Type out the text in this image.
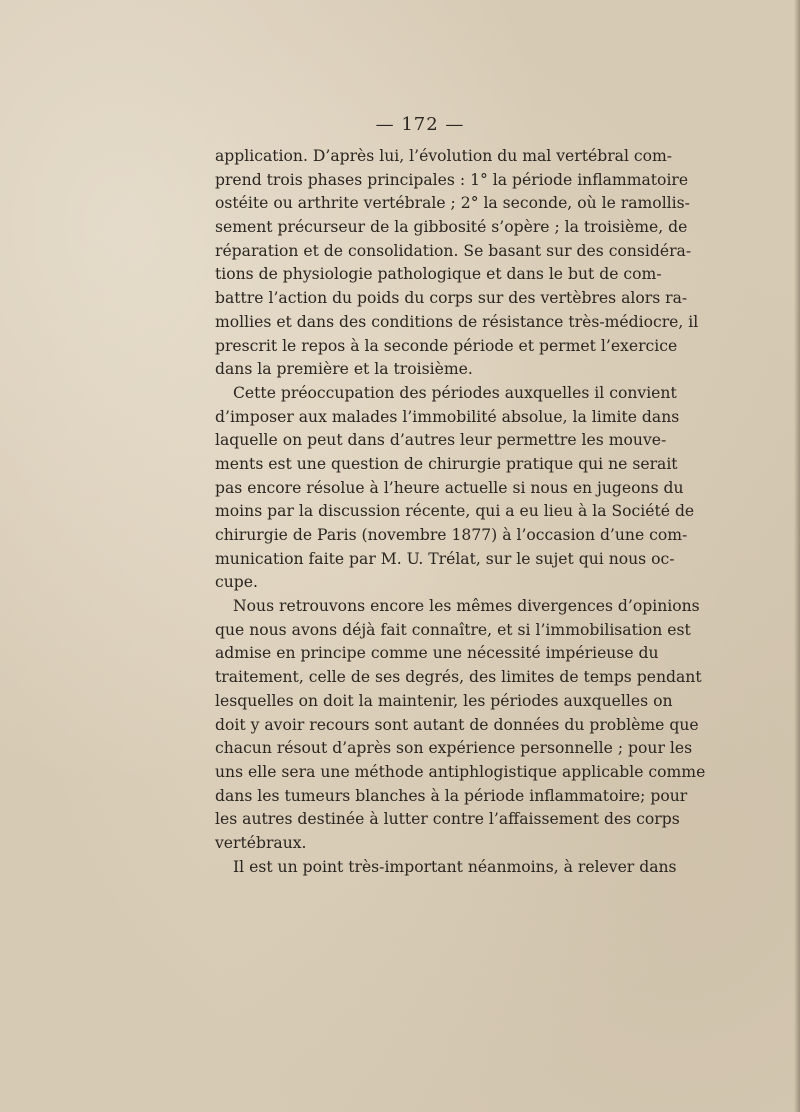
— 172 —
application. D’après lui, l’évolution du mal vertébral com-
prend trois phases principales : 1° la période inflammatoire
ostéite ou arthrite vertébrale ; 2° la seconde, où le ramollis-
sement précurseur de la gibbosité s’opère ; la troisième, de
réparation et de consolidation. Se basant sur des considéra-
tions de physiologie pathologique et dans le but de com-
battre l’action du poids du corps sur des vertèbres alors ra-
mollies et dans des conditions de résistance très-médiocre, il
prescrit le repos à la seconde période et permet l’exercice
dans la première et la troisième.
Cette préoccupation des périodes auxquelles il convient
d’imposer aux malades l’immobilité absolue, la limite dans
laquelle on peut dans d’autres leur permettre les mouve-
ments est une question de chirurgie pratique qui ne serait
pas encore résolue à l’heure actuelle si nous en jugeons du
moins par la discussion récente, qui a eu lieu à la Société de
chirurgie de Paris (novembre 1877) à l’occasion d’une com-
munication faite par M. U. Trélat, sur le sujet qui nous oc-
cupe.
Nous retrouvons encore les mêmes divergences d’opinions
que nous avons déjà fait connaître, et si l’immobilisation est
admise en principe comme une nécessité impérieuse du
traitement, celle de ses degrés, des limites de temps pendant
lesquelles on doit la maintenir, les périodes auxquelles on
doit y avoir recours sont autant de données du problème que
chacun résout d’après son expérience personnelle ; pour les
uns elle sera une méthode antiphlogistique applicable comme
dans les tumeurs blanches à la période inflammatoire; pour
les autres destinée à lutter contre l’affaissement des corps
vertébraux.
Il est un point très-important néanmoins, à relever dans
